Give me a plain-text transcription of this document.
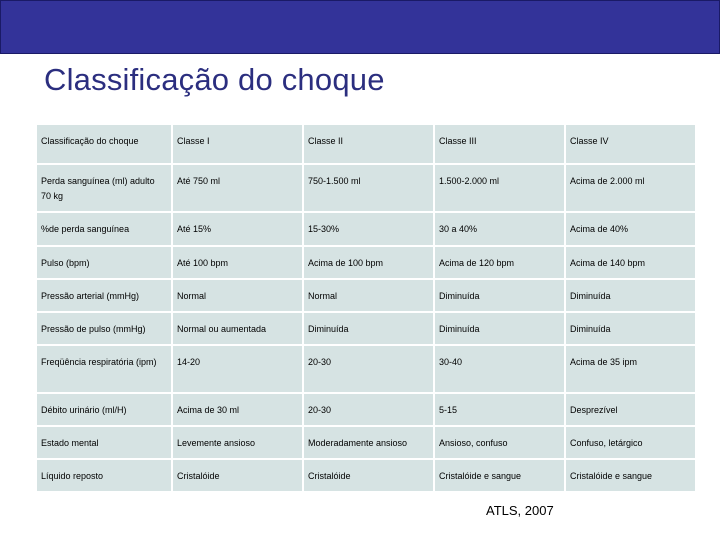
Classificação do choque
Classificação do choque	Classe I	Classe II	Classe III	Classe IV
Perda sanguínea (ml) adulto 70 kg	Até 750 ml	750-1.500 ml	1.500-2.000 ml	Acima de 2.000 ml
%de perda sanguínea	Até 15%	15-30%	30 a 40%	Acima de 40%
Pulso (bpm)	Até 100 bpm	Acima de 100 bpm	Acima de 120 bpm	Acima de 140 bpm
Pressão arterial (mmHg)	Normal	Normal	Diminuída	Diminuída
Pressão de pulso (mmHg)	Normal ou aumentada	Diminuída	Diminuída	Diminuída
Freqüência respiratória (ipm)	14-20	20-30	30-40	Acima de 35 ipm
Débito urinário (ml/H)	Acima de 30 ml	20-30	5-15	Desprezível
Estado mental	Levemente ansioso	Moderadamente ansioso	Ansioso, confuso	Confuso, letárgico
Líquido reposto	Cristalóide	Cristalóide	Cristalóide e sangue	Cristalóide e sangue
ATLS, 2007
